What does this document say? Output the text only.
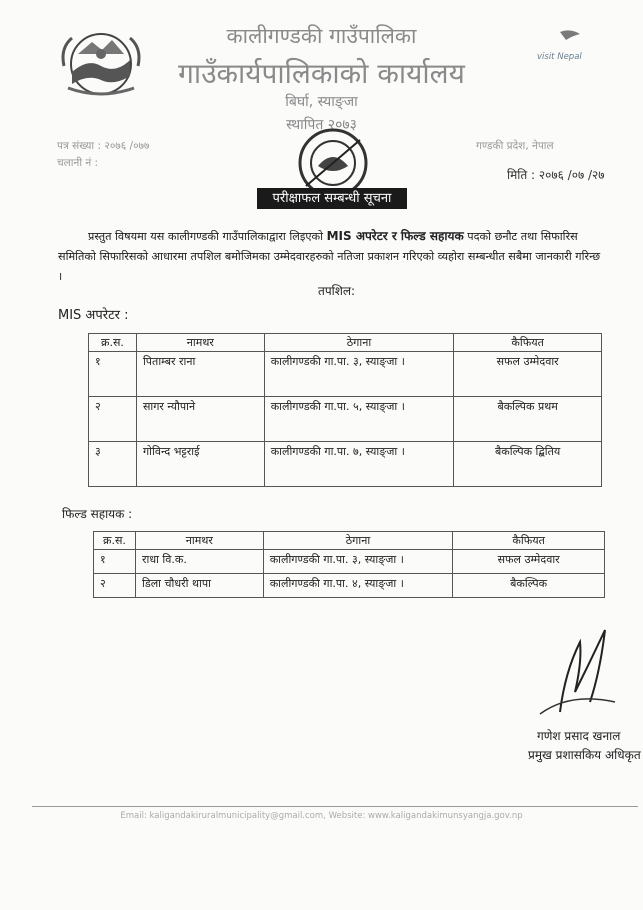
कालीगण्डकी गाउँपालिका
गाउँकार्यपालिकाको कार्यालय
बिर्घा, स्याङ्जा
स्थापित २०७३
visit Nepal
पत्र संख्या : २०७६ /०७७
चलानी नं :
गण्डकी प्रदेश, नेपाल
मिति : २०७६ /०७ /२७
परीक्षाफल सम्बन्धी सूचना
प्रस्तुत विषयमा यस कालीगण्डकी गाउँपालिकाद्वारा लिइएको MIS अपरेटर र फिल्ड सहायक पदको छनौट तथा सिफारिस समितिको सिफारिसको आधारमा तपशिल बमोजिमका उम्मेदवारहरुको नतिजा प्रकाशन गरिएको व्यहोरा सम्बन्धीत सबैमा जानकारी गरिन्छ ।
तपशिल:
MIS अपरेटर :
क्र.स.	नामथर	ठेगाना	कैफियत
१	पिताम्बर राना	कालीगण्डकी गा.पा. ३, स्याङ्जा ।	सफल उम्मेदवार
२	सागर न्यौपाने	कालीगण्डकी गा.पा. ५, स्याङ्जा ।	बैकल्पिक प्रथम
३	गोविन्द भट्टराई	कालीगण्डकी गा.पा. ७, स्याङ्जा ।	बैकल्पिक द्बितिय
फिल्ड सहायक :
क्र.स.	नामथर	ठेगाना	कैफियत
१	राधा वि.क.	कालीगण्डकी गा.पा. ३, स्याङ्जा ।	सफल उम्मेदवार
२	डिला चौधरी थापा	कालीगण्डकी गा.पा. ४, स्याङ्जा ।	बैकल्पिक
गणेश प्रसाद खनाल
प्रमुख प्रशासकिय अधिकृत
Email: kaligandakiruralmunicipality@gmail.com, Website: www.kaligandakimunsyangja.gov.np
